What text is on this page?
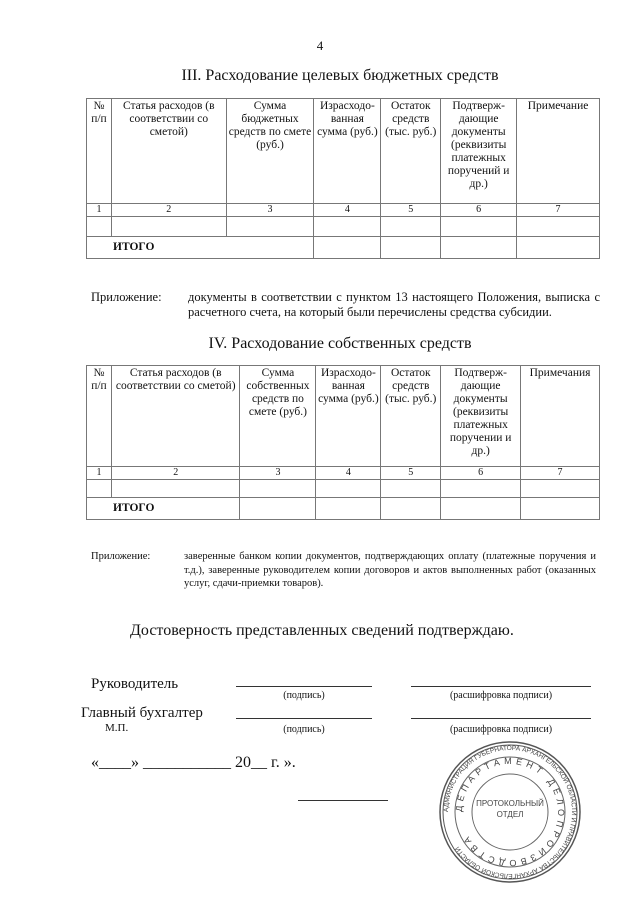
4
III. Расходование целевых бюджетных средств
№ п/п	Статья расходов (в соответствии со сметой)	Сумма бюджетных средств по смете (руб.)	Израсходо-ванная сумма (руб.)	Остаток средств (тыс. руб.)	Подтверж-дающие документы (реквизиты платежных поручений и др.)	Примечание
1	2	3	4	5	6	7

ИТОГО						
Приложение: документы в соответствии с пунктом 13 настоящего Положения, выписка с расчетного счета, на который были перечислены средства субсидии.
IV. Расходование собственных средств
№ п/п	Статья расходов (в соответствии со сметой)	Сумма собственных средств по смете (руб.)	Израсходо-ванная сумма (руб.)	Остаток средств (тыс. руб.)	Подтверж-дающие документы (реквизиты платежных поручении и др.)	Примечания
1	2	3	4	5	6	7

ИТОГО						
Приложение:	заверенные банком копии документов, подтверждающих оплату (платежные поручения и т.д.), заверенные руководителем копии договоров и актов выполненных работ (оказанных услуг, сдачи-приемки товаров).
Достоверность представленных сведений подтверждаю.
Руководитель
(подпись)	(расшифровка подписи)
Главный бухгалтер
М.П.	(подпись)	(расшифровка подписи)
«____» ___________ 20__ г. ».
АДМИНИСТРАЦИЯ ГУБЕРНАТОРА АРХАНГЕЛЬСКОЙ ОБЛАСТИ И ПРАВИТЕЛЬСТВА АРХАНГЕЛЬСКОЙ ОБЛАСТИ
ДЕПАРТАМЕНТ ДЕЛОПРОИЗВОДСТВА
ПРОТОКОЛЬНЫЙ ОТДЕЛ
